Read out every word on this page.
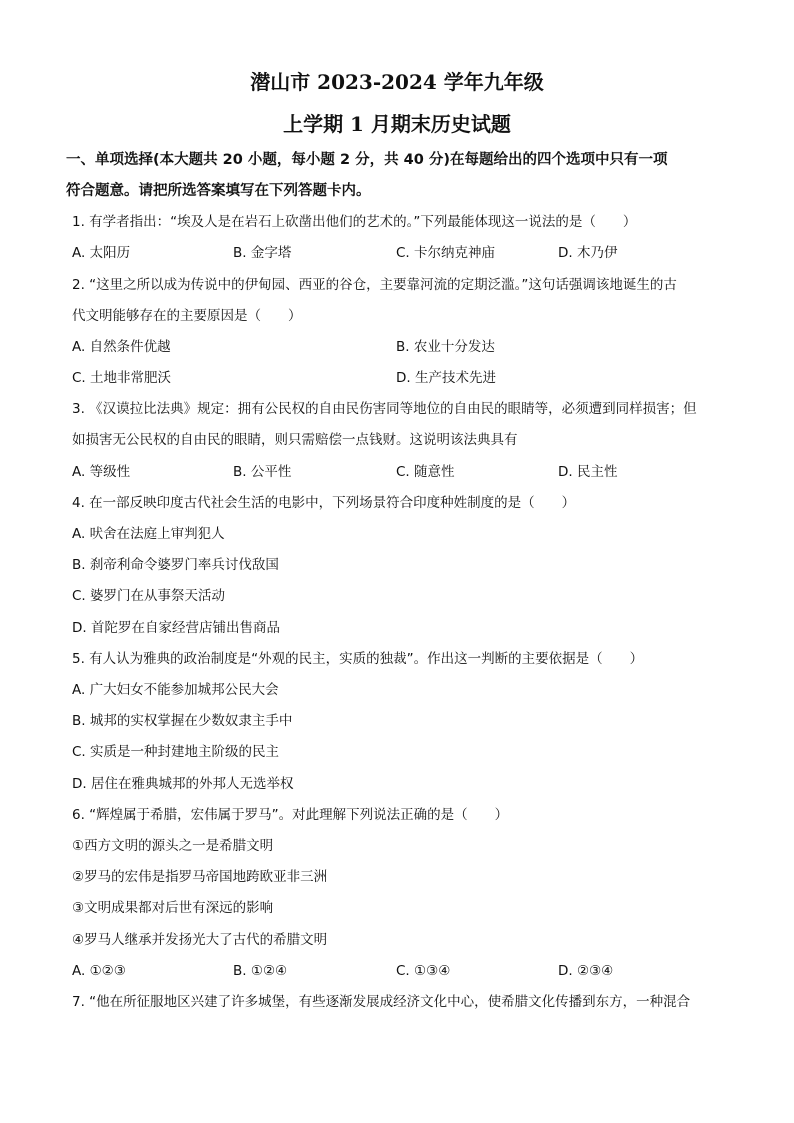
潜山市 2023-2024 学年九年级
上学期 1 月期末历史试题
一、单项选择(本大题共 20 小题，每小题 2 分，共 40 分)在每题给出的四个选项中只有一项
符合题意。请把所选答案填写在下列答题卡内。
1. 有学者指出：“埃及人是在岩石上砍凿出他们的艺术的。”下列最能体现这一说法的是（　　）
A. 太阳历	B. 金字塔	C. 卡尔纳克神庙	D. 木乃伊
2. “这里之所以成为传说中的伊甸园、西亚的谷仓，主要靠河流的定期泛滥。”这句话强调该地诞生的古
代文明能够存在的主要原因是（　　）
A. 自然条件优越	B. 农业十分发达
C. 土地非常肥沃	D. 生产技术先进
3. 《汉谟拉比法典》规定：拥有公民权的自由民伤害同等地位的自由民的眼睛等，必须遭到同样损害；但
如损害无公民权的自由民的眼睛，则只需赔偿一点钱财。这说明该法典具有
A. 等级性	B. 公平性	C. 随意性	D. 民主性
4. 在一部反映印度古代社会生活的电影中，下列场景符合印度种姓制度的是（　　）
A. 吠舍在法庭上审判犯人
B. 刹帝利命令婆罗门率兵讨伐敌国
C. 婆罗门在从事祭天活动
D. 首陀罗在自家经营店铺出售商品
5. 有人认为雅典的政治制度是“外观的民主，实质的独裁”。作出这一判断的主要依据是（　　）
A. 广大妇女不能参加城邦公民大会
B. 城邦的实权掌握在少数奴隶主手中
C. 实质是一种封建地主阶级的民主
D. 居住在雅典城邦的外邦人无选举权
6. “辉煌属于希腊，宏伟属于罗马”。对此理解下列说法正确的是（　　）
①西方文明的源头之一是希腊文明
②罗马的宏伟是指罗马帝国地跨欧亚非三洲
③文明成果都对后世有深远的影响
④罗马人继承并发扬光大了古代的希腊文明
A. ①②③	B. ①②④	C. ①③④	D. ②③④
7. “他在所征服地区兴建了许多城堡，有些逐渐发展成经济文化中心，使希腊文化传播到东方，一种混合
